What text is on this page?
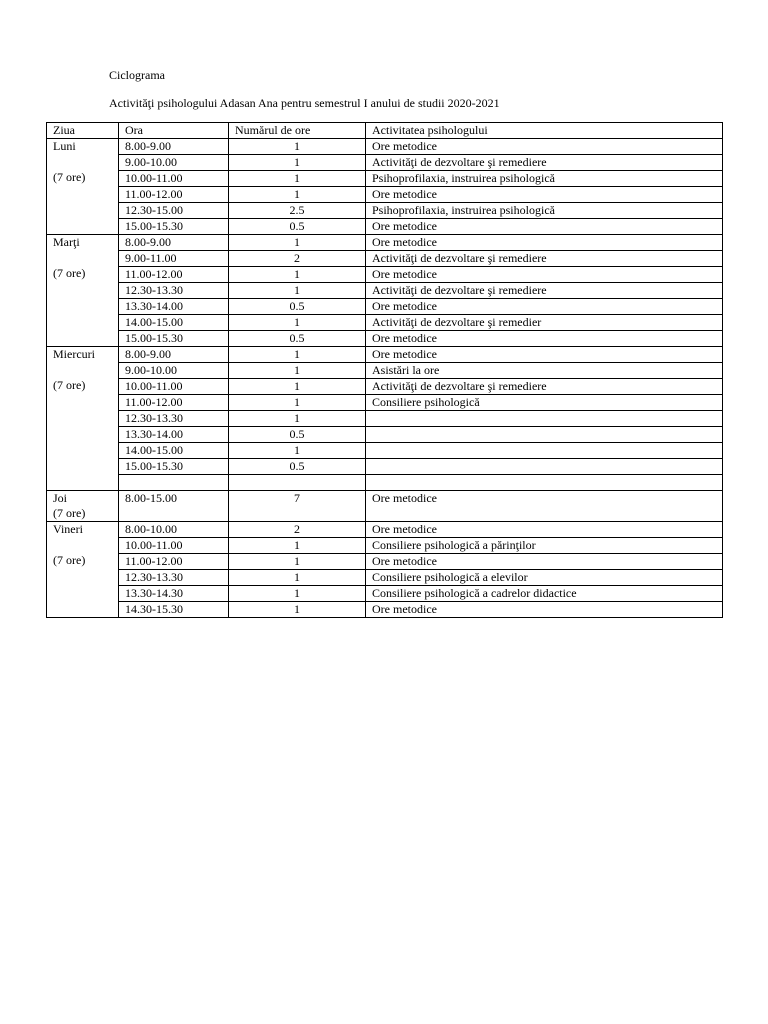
Ciclograma
Activităţi psihologului Adasan Ana pentru semestrul I anului de studii 2020-2021
Ziua	Ora	Numărul de ore	Activitatea psihologului

Luni
(7 ore)	8.00-9.00	1	Ore metodice
	9.00-10.00	1	Activităţi de dezvoltare şi remediere
	10.00-11.00	1	Psihoprofilaxia, instruirea psihologică
	11.00-12.00	1	Ore metodice
	12.30-15.00	2.5	Psihoprofilaxia, instruirea psihologică
	15.00-15.30	0.5	Ore metodice

Marţi
(7 ore)	8.00-9.00	1	Ore metodice
	9.00-11.00	2	Activităţi de dezvoltare şi remediere
	11.00-12.00	1	Ore metodice
	12.30-13.30	1	Activităţi de dezvoltare şi remediere
	13.30-14.00	0.5	Ore metodice
	14.00-15.00	1	Activităţi de dezvoltare şi remedier
	15.00-15.30	0.5	Ore metodice

Miercuri
(7 ore)	8.00-9.00	1	Ore metodice
	9.00-10.00	1	Asistări la ore
	10.00-11.00	1	Activităţi de dezvoltare şi remediere
	11.00-12.00	1	Consiliere psihologică
	12.30-13.30	1	
	13.30-14.00	0.5	
	14.00-15.00	1	
	15.00-15.30	0.5	

Joi
(7 ore)	8.00-15.00	7	Ore metodice

Vineri
(7 ore)	8.00-10.00	2	Ore metodice
	10.00-11.00	1	Consiliere psihologică a părinţilor
	11.00-12.00	1	Ore metodice
	12.30-13.30	1	Consiliere psihologică a elevilor
	13.30-14.30	1	Consiliere psihologică a cadrelor didactice
	14.30-15.30	1	Ore metodice
